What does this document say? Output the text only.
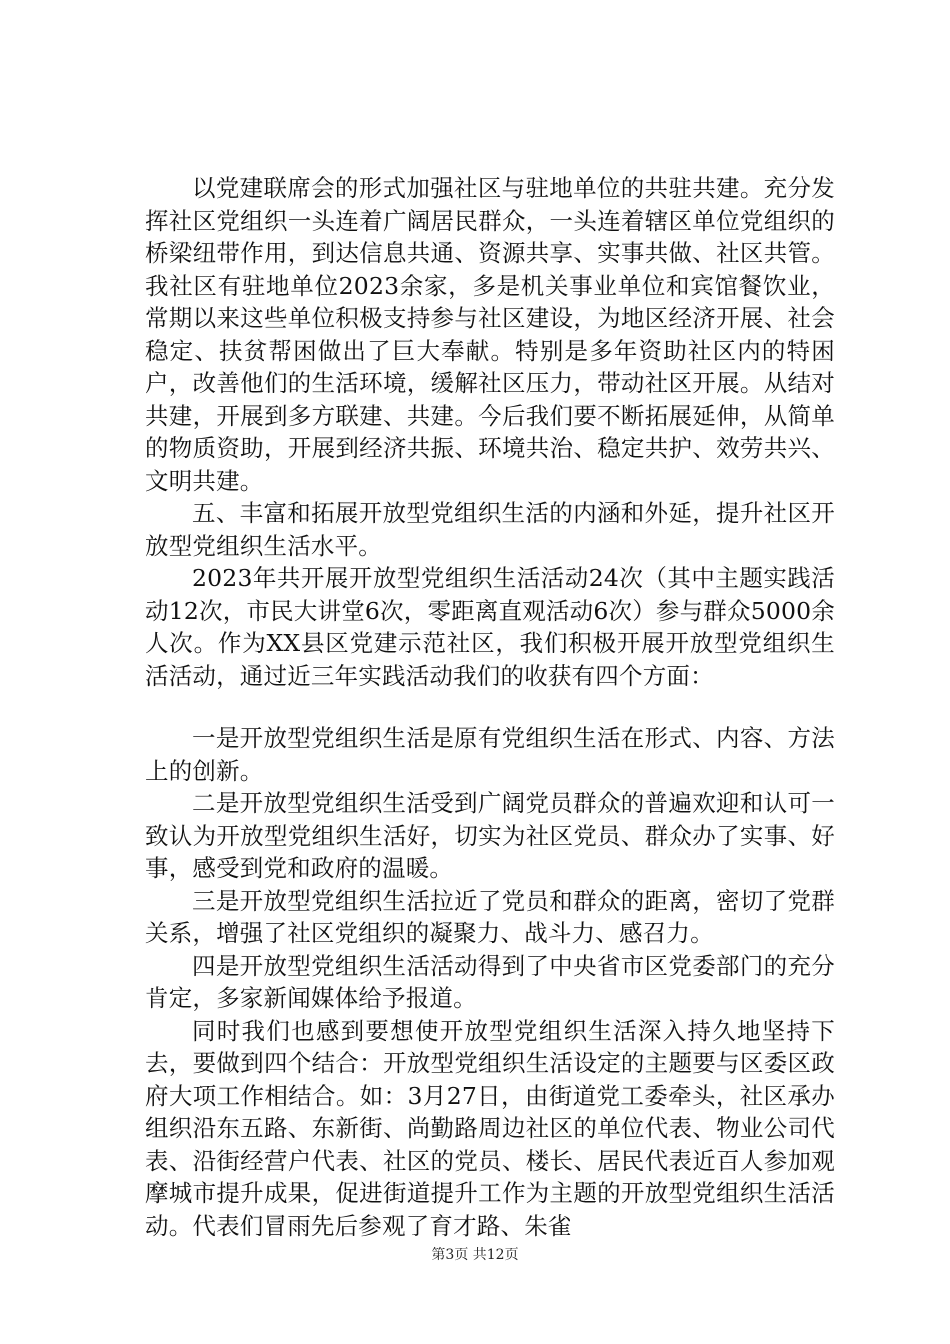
以党建联席会的形式加强社区与驻地单位的共驻共建。充分发挥社区党组织一头连着广阔居民群众，一头连着辖区单位党组织的桥梁纽带作用，到达信息共通、资源共享、实事共做、社区共管。我社区有驻地单位2023余家，多是机关事业单位和宾馆餐饮业，常期以来这些单位积极支持参与社区建设，为地区经济开展、社会稳定、扶贫帮困做出了巨大奉献。特别是多年资助社区内的特困户，改善他们的生活环境，缓解社区压力，带动社区开展。从结对共建，开展到多方联建、共建。今后我们要不断拓展延伸，从简单的物质资助，开展到经济共振、环境共治、稳定共护、效劳共兴、文明共建。

五、丰富和拓展开放型党组织生活的内涵和外延，提升社区开放型党组织生活水平。

2023年共开展开放型党组织生活活动24次（其中主题实践活动12次，市民大讲堂6次，零距离直观活动6次）参与群众5000余人次。作为XX县区党建示范社区，我们积极开展开放型党组织生活活动，通过近三年实践活动我们的收获有四个方面：

一是开放型党组织生活是原有党组织生活在形式、内容、方法上的创新。

二是开放型党组织生活受到广阔党员群众的普遍欢迎和认可一致认为开放型党组织生活好，切实为社区党员、群众办了实事、好事，感受到党和政府的温暖。

三是开放型党组织生活拉近了党员和群众的距离，密切了党群关系，增强了社区党组织的凝聚力、战斗力、感召力。

四是开放型党组织生活活动得到了中央省市区党委部门的充分肯定，多家新闻媒体给予报道。

同时我们也感到要想使开放型党组织生活深入持久地坚持下去，要做到四个结合：开放型党组织生活设定的主题要与区委区政府大项工作相结合。如：3月27日，由街道党工委牵头，社区承办组织沿东五路、东新街、尚勤路周边社区的单位代表、物业公司代表、沿街经营户代表、社区的党员、楼长、居民代表近百人参加观摩城市提升成果，促进街道提升工作为主题的开放型党组织生活活动。代表们冒雨先后参观了育才路、朱雀

第3页 共12页
